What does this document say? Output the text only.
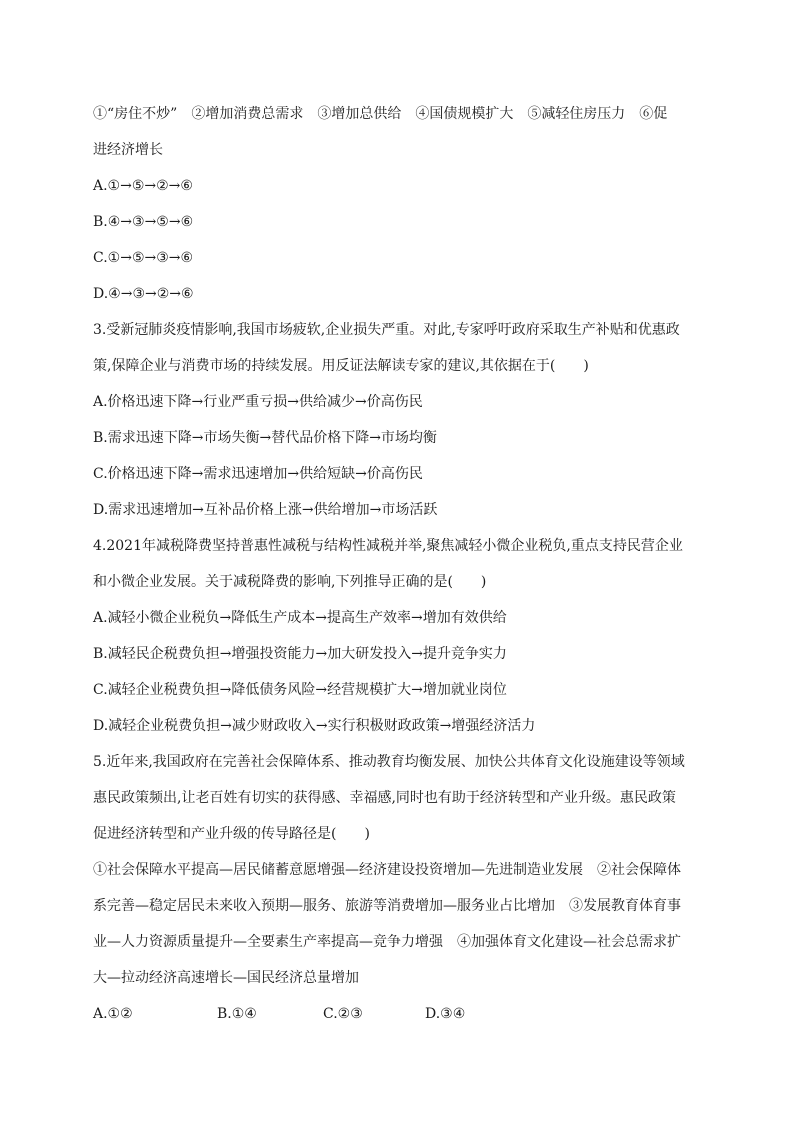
①“房住不炒”　②增加消费总需求　③增加总供给　④国债规模扩大　⑤减轻住房压力　⑥促
进经济增长
A.①→⑤→②→⑥
B.④→③→⑤→⑥
C.①→⑤→③→⑥
D.④→③→②→⑥
3.受新冠肺炎疫情影响,我国市场疲软,企业损失严重。对此,专家呼吁政府采取生产补贴和优惠政
策,保障企业与消费市场的持续发展。用反证法解读专家的建议,其依据在于(　　)
A.价格迅速下降→行业严重亏损→供给减少→价高伤民
B.需求迅速下降→市场失衡→替代品价格下降→市场均衡
C.价格迅速下降→需求迅速增加→供给短缺→价高伤民
D.需求迅速增加→互补品价格上涨→供给增加→市场活跃
4.2021年减税降费坚持普惠性减税与结构性减税并举,聚焦减轻小微企业税负,重点支持民营企业
和小微企业发展。关于减税降费的影响,下列推导正确的是(　　)
A.减轻小微企业税负→降低生产成本→提高生产效率→增加有效供给
B.减轻民企税费负担→增强投资能力→加大研发投入→提升竞争实力
C.减轻企业税费负担→降低债务风险→经营规模扩大→增加就业岗位
D.减轻企业税费负担→减少财政收入→实行积极财政政策→增强经济活力
5.近年来,我国政府在完善社会保障体系、推动教育均衡发展、加快公共体育文化设施建设等领域
惠民政策频出,让老百姓有切实的获得感、幸福感,同时也有助于经济转型和产业升级。惠民政策
促进经济转型和产业升级的传导路径是(　　)
①社会保障水平提高—居民储蓄意愿增强—经济建设投资增加—先进制造业发展　②社会保障体
系完善—稳定居民未来收入预期—服务、旅游等消费增加—服务业占比增加　③发展教育体育事
业—人力资源质量提升—全要素生产率提高—竞争力增强　④加强体育文化建设—社会总需求扩
大—拉动经济高速增长—国民经济总量增加
A.①②	B.①④	C.②③	D.③④
